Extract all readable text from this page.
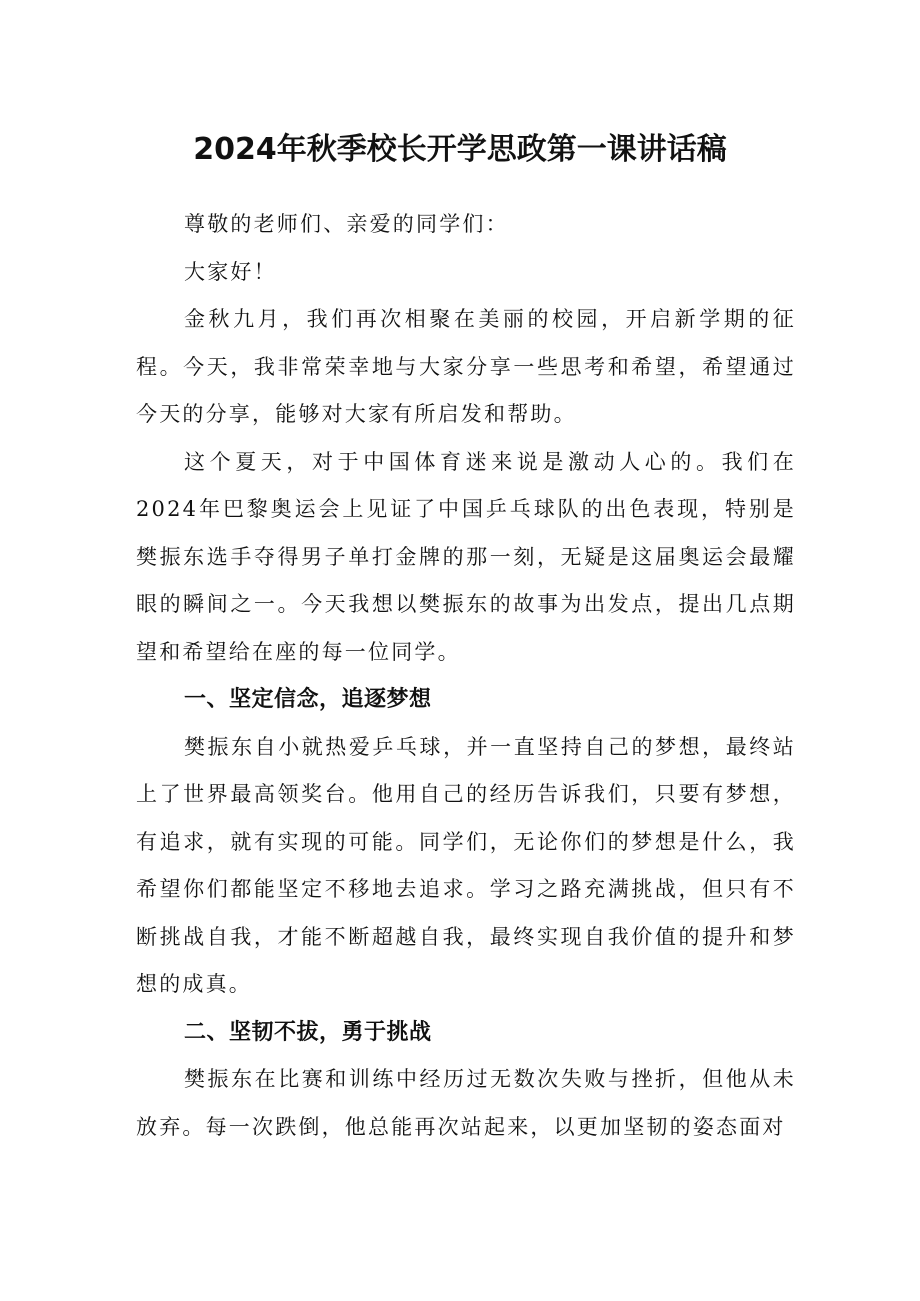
2024年秋季校长开学思政第一课讲话稿

尊敬的老师们、亲爱的同学们：

大家好！

金秋九月，我们再次相聚在美丽的校园，开启新学期的征程。今天，我非常荣幸地与大家分享一些思考和希望，希望通过今天的分享，能够对大家有所启发和帮助。

这个夏天，对于中国体育迷来说是激动人心的。我们在2024年巴黎奥运会上见证了中国乒乓球队的出色表现，特别是樊振东选手夺得男子单打金牌的那一刻，无疑是这届奥运会最耀眼的瞬间之一。今天我想以樊振东的故事为出发点，提出几点期望和希望给在座的每一位同学。

一、坚定信念，追逐梦想

樊振东自小就热爱乒乓球，并一直坚持自己的梦想，最终站上了世界最高领奖台。他用自己的经历告诉我们，只要有梦想，有追求，就有实现的可能。同学们，无论你们的梦想是什么，我希望你们都能坚定不移地去追求。学习之路充满挑战，但只有不断挑战自我，才能不断超越自我，最终实现自我价值的提升和梦想的成真。

二、坚韧不拔，勇于挑战

樊振东在比赛和训练中经历过无数次失败与挫折，但他从未放弃。每一次跌倒，他总能再次站起来，以更加坚韧的姿态面对
